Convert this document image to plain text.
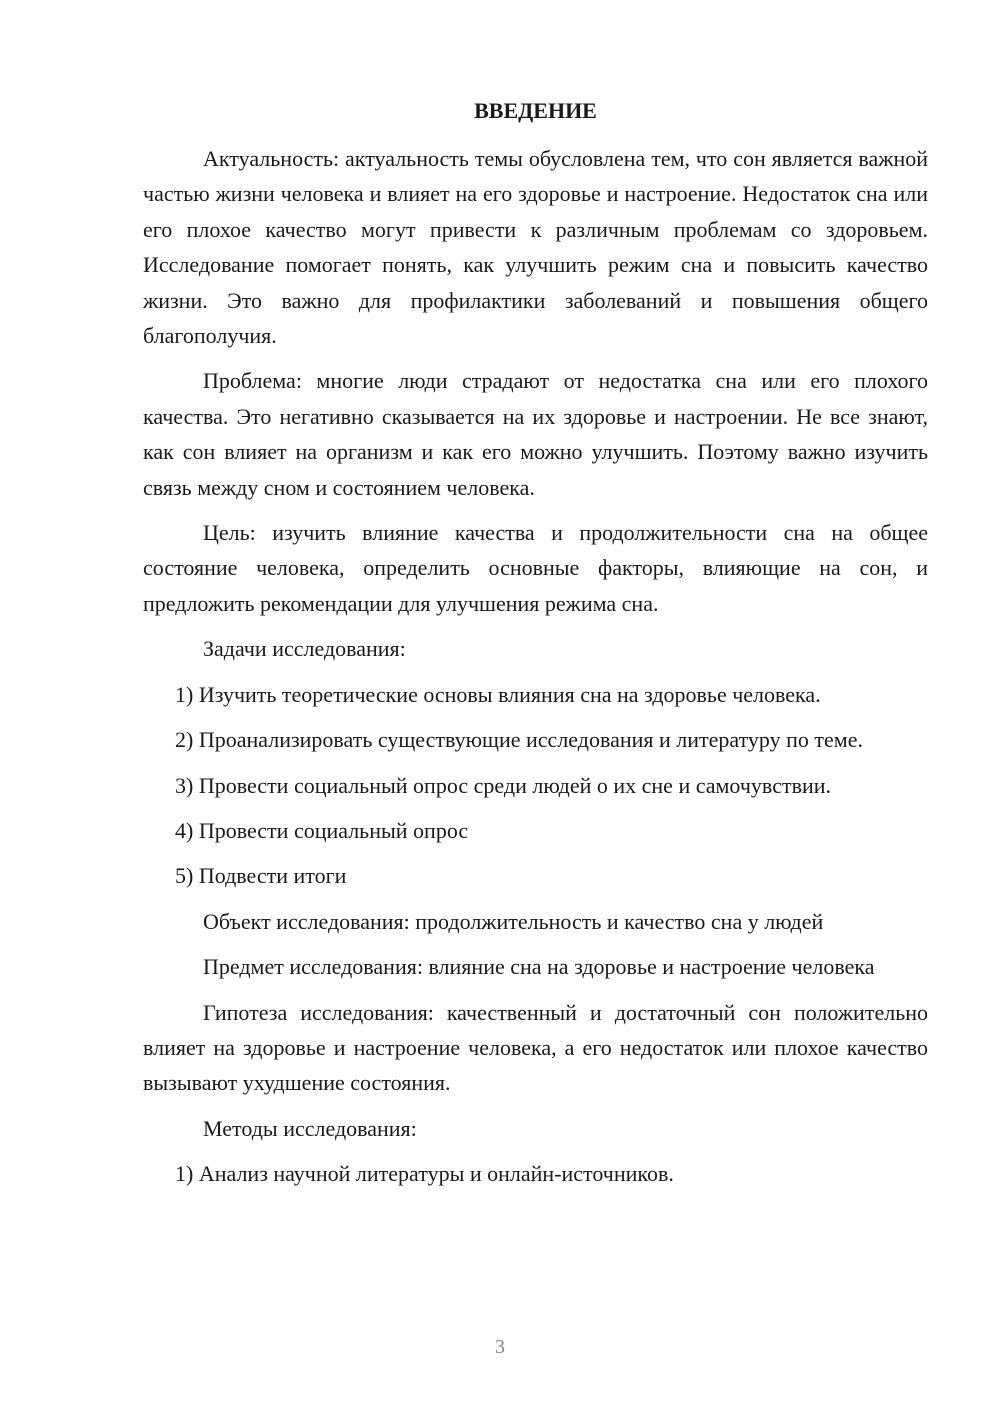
ВВЕДЕНИЕ

Актуальность: актуальность темы обусловлена тем, что сон является важной частью жизни человека и влияет на его здоровье и настроение. Недостаток сна или его плохое качество могут привести к различным проблемам со здоровьем. Исследование помогает понять, как улучшить режим сна и повысить качество жизни. Это важно для профилактики заболеваний и повышения общего благополучия.

Проблема: многие люди страдают от недостатка сна или его плохого качества. Это негативно сказывается на их здоровье и настроении. Не все знают, как сон влияет на организм и как его можно улучшить. Поэтому важно изучить связь между сном и состоянием человека.

Цель: изучить влияние качества и продолжительности сна на общее состояние человека, определить основные факторы, влияющие на сон, и предложить рекомендации для улучшения режима сна.

Задачи исследования:

1) Изучить теоретические основы влияния сна на здоровье человека.

2) Проанализировать существующие исследования и литературу по теме.

3) Провести социальный опрос среди людей о их сне и самочувствии.

4) Провести социальный опрос

5) Подвести итоги

Объект исследования: продолжительность и качество сна у людей

Предмет исследования: влияние сна на здоровье и настроение человека

Гипотеза исследования: качественный и достаточный сон положительно влияет на здоровье и настроение человека, а его недостаток или плохое качество вызывают ухудшение состояния.

Методы исследования:

1) Анализ научной литературы и онлайн-источников.

3
